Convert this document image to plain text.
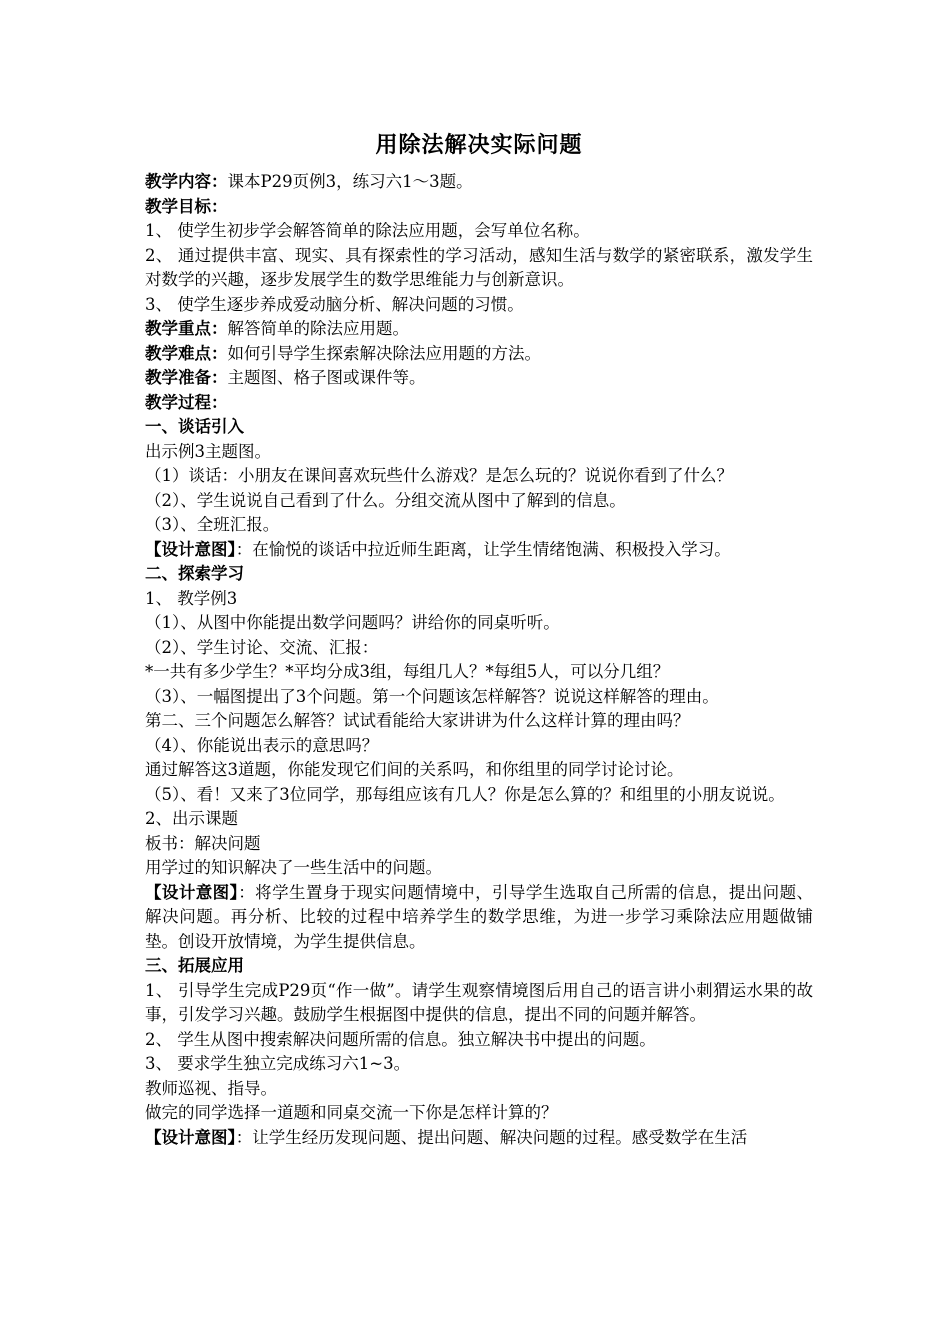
用除法解决实际问题

教学内容：课本P29页例3，练习六1～3题。

教学目标：

1、 使学生初步学会解答简单的除法应用题，会写单位名称。

2、 通过提供丰富、现实、具有探索性的学习活动，感知生活与数学的紧密联系，激发学生对数学的兴趣，逐步发展学生的数学思维能力与创新意识。

3、 使学生逐步养成爱动脑分析、解决问题的习惯。

教学重点：解答简单的除法应用题。

教学难点：如何引导学生探索解决除法应用题的方法。

教学准备：主题图、格子图或课件等。

教学过程：

一、谈话引入

出示例3主题图。

（1）谈话：小朋友在课间喜欢玩些什么游戏？是怎么玩的？说说你看到了什么？

（2）、学生说说自己看到了什么。分组交流从图中了解到的信息。

（3）、全班汇报。

【设计意图】：在愉悦的谈话中拉近师生距离，让学生情绪饱满、积极投入学习。

二、探索学习

1、 教学例3

（1）、从图中你能提出数学问题吗？讲给你的同桌听听。

（2）、学生讨论、交流、汇报：

*一共有多少学生？*平均分成3组，每组几人？*每组5人，可以分几组？

（3）、一幅图提出了3个问题。第一个问题该怎样解答？说说这样解答的理由。

第二、三个问题怎么解答？试试看能给大家讲讲为什么这样计算的理由吗？

（4）、你能说出表示的意思吗？

通过解答这3道题，你能发现它们间的关系吗，和你组里的同学讨论讨论。

（5）、看！又来了3位同学，那每组应该有几人？你是怎么算的？和组里的小朋友说说。

2、出示课题

板书：解决问题

用学过的知识解决了一些生活中的问题。

【设计意图】：将学生置身于现实问题情境中，引导学生选取自己所需的信息，提出问题、解决问题。再分析、比较的过程中培养学生的数学思维，为进一步学习乘除法应用题做铺垫。创设开放情境，为学生提供信息。

三、拓展应用

1、 引导学生完成P29页“作一做”。请学生观察情境图后用自己的语言讲小刺猬运水果的故事，引发学习兴趣。鼓励学生根据图中提供的信息，提出不同的问题并解答。

2、 学生从图中搜索解决问题所需的信息。独立解决书中提出的问题。

3、 要求学生独立完成练习六1~3。

教师巡视、指导。

做完的同学选择一道题和同桌交流一下你是怎样计算的？

【设计意图】：让学生经历发现问题、提出问题、解决问题的过程。感受数学在生活
